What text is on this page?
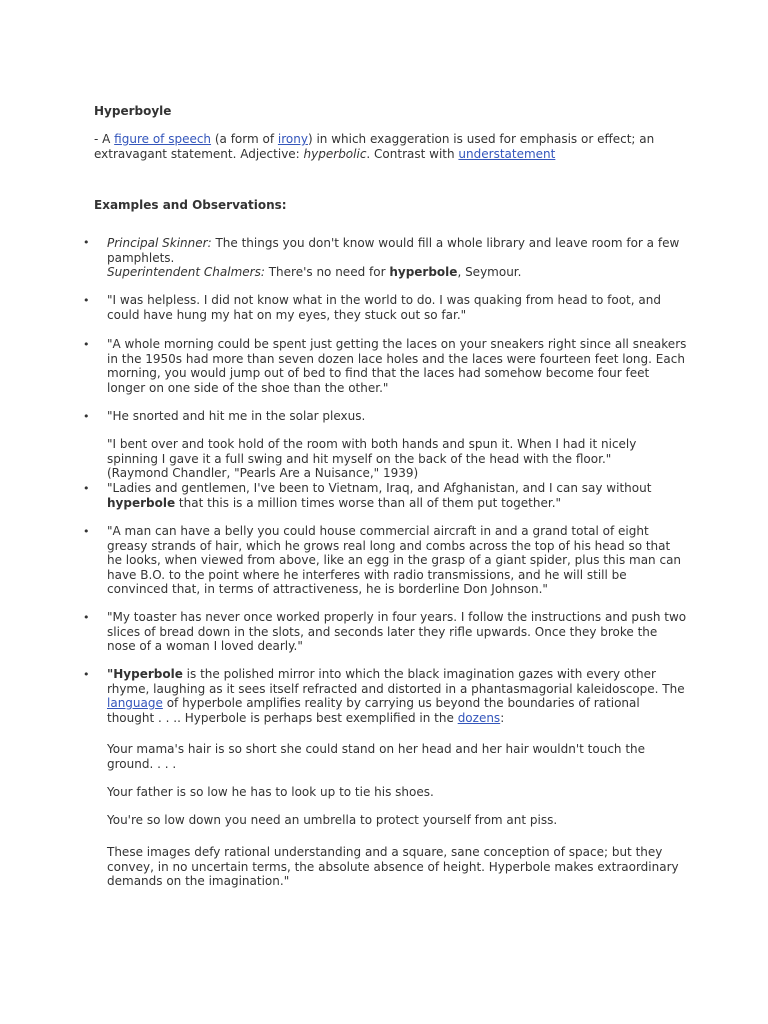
Hyperboyle
- A figure of speech (a form of irony) in which exaggeration is used for emphasis or effect; an extravagant statement. Adjective: hyperbolic. Contrast with understatement
Examples and Observations:
• Principal Skinner: The things you don't know would fill a whole library and leave room for a few pamphlets.
Superintendent Chalmers: There's no need for hyperbole, Seymour.
• "I was helpless. I did not know what in the world to do. I was quaking from head to foot, and could have hung my hat on my eyes, they stuck out so far."
• "A whole morning could be spent just getting the laces on your sneakers right since all sneakers in the 1950s had more than seven dozen lace holes and the laces were fourteen feet long. Each morning, you would jump out of bed to find that the laces had somehow become four feet longer on one side of the shoe than the other."
• "He snorted and hit me in the solar plexus.
"I bent over and took hold of the room with both hands and spun it. When I had it nicely spinning I gave it a full swing and hit myself on the back of the head with the floor."
(Raymond Chandler, "Pearls Are a Nuisance," 1939)
• "Ladies and gentlemen, I've been to Vietnam, Iraq, and Afghanistan, and I can say without hyperbole that this is a million times worse than all of them put together."
• "A man can have a belly you could house commercial aircraft in and a grand total of eight greasy strands of hair, which he grows real long and combs across the top of his head so that he looks, when viewed from above, like an egg in the grasp of a giant spider, plus this man can have B.O. to the point where he interferes with radio transmissions, and he will still be convinced that, in terms of attractiveness, he is borderline Don Johnson."
• "My toaster has never once worked properly in four years. I follow the instructions and push two slices of bread down in the slots, and seconds later they rifle upwards. Once they broke the nose of a woman I loved dearly."
• "Hyperbole is the polished mirror into which the black imagination gazes with every other rhyme, laughing as it sees itself refracted and distorted in a phantasmagorial kaleidoscope. The language of hyperbole amplifies reality by carrying us beyond the boundaries of rational thought . . .. Hyperbole is perhaps best exemplified in the dozens:
Your mama's hair is so short she could stand on her head and her hair wouldn't touch the ground. . . .
Your father is so low he has to look up to tie his shoes.
You're so low down you need an umbrella to protect yourself from ant piss.
These images defy rational understanding and a square, sane conception of space; but they convey, in no uncertain terms, the absolute absence of height. Hyperbole makes extraordinary demands on the imagination."
